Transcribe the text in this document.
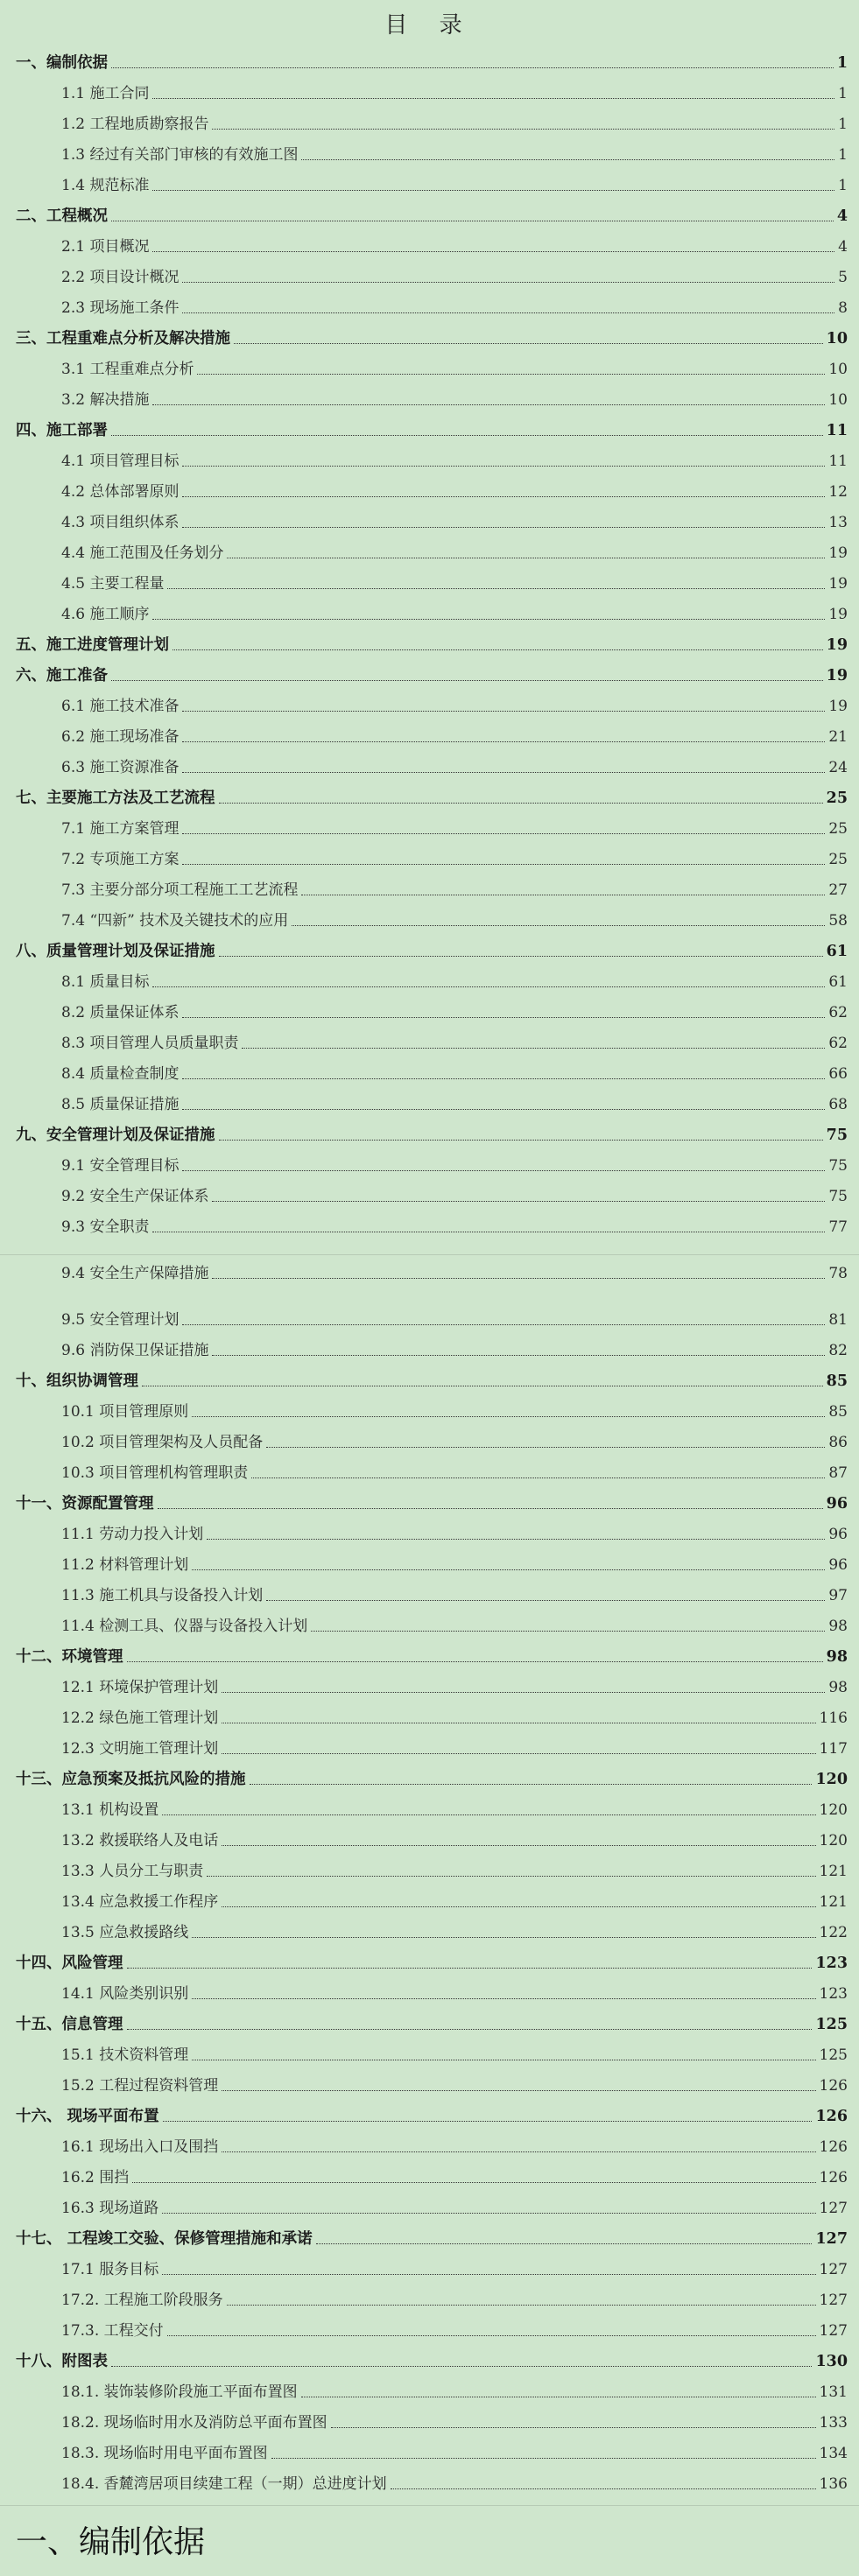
目 录
一、编制依据	1
1.1 施工合同	1
1.2 工程地质勘察报告	1
1.3 经过有关部门审核的有效施工图	1
1.4 规范标准	1
二、工程概况	4
2.1 项目概况	4
2.2 项目设计概况	5
2.3 现场施工条件	8
三、工程重难点分析及解决措施	10
3.1 工程重难点分析	10
3.2 解决措施	10
四、施工部署	11
4.1 项目管理目标	11
4.2 总体部署原则	12
4.3 项目组织体系	13
4.4 施工范围及任务划分	19
4.5 主要工程量	19
4.6 施工顺序	19
五、施工进度管理计划	19
六、施工准备	19
6.1 施工技术准备	19
6.2 施工现场准备	21
6.3 施工资源准备	24
七、主要施工方法及工艺流程	25
7.1 施工方案管理	25
7.2 专项施工方案	25
7.3 主要分部分项工程施工工艺流程	27
7.4 “四新” 技术及关键技术的应用	58
八、质量管理计划及保证措施	61
8.1 质量目标	61
8.2 质量保证体系	62
8.3 项目管理人员质量职责	62
8.4 质量检查制度	66
8.5 质量保证措施	68
九、安全管理计划及保证措施	75
9.1 安全管理目标	75
9.2 安全生产保证体系	75
9.3 安全职责	77
9.4 安全生产保障措施	78
9.5 安全管理计划	81
9.6 消防保卫保证措施	82
十、组织协调管理	85
10.1 项目管理原则	85
10.2 项目管理架构及人员配备	86
10.3 项目管理机构管理职责	87
十一、资源配置管理	96
11.1 劳动力投入计划	96
11.2 材料管理计划	96
11.3 施工机具与设备投入计划	97
11.4 检测工具、仪器与设备投入计划	98
十二、环境管理	98
12.1 环境保护管理计划	98
12.2 绿色施工管理计划	116
12.3 文明施工管理计划	117
十三、应急预案及抵抗风险的措施	120
13.1 机构设置	120
13.2 救援联络人及电话	120
13.3 人员分工与职责	121
13.4 应急救援工作程序	121
13.5 应急救援路线	122
十四、风险管理	123
14.1 风险类别识别	123
十五、信息管理	125
15.1 技术资料管理	125
15.2 工程过程资料管理	126
十六、 现场平面布置	126
16.1 现场出入口及围挡	126
16.2 围挡	126
16.3 现场道路	127
十七、 工程竣工交验、保修管理措施和承诺	127
17.1 服务目标	127
17.2. 工程施工阶段服务	127
17.3. 工程交付	127
十八、附图表	130
18.1. 装饰装修阶段施工平面布置图	131
18.2. 现场临时用水及消防总平面布置图	133
18.3. 现场临时用电平面布置图	134
18.4. 香麓湾居项目续建工程（一期）总进度计划	136
一、编制依据
